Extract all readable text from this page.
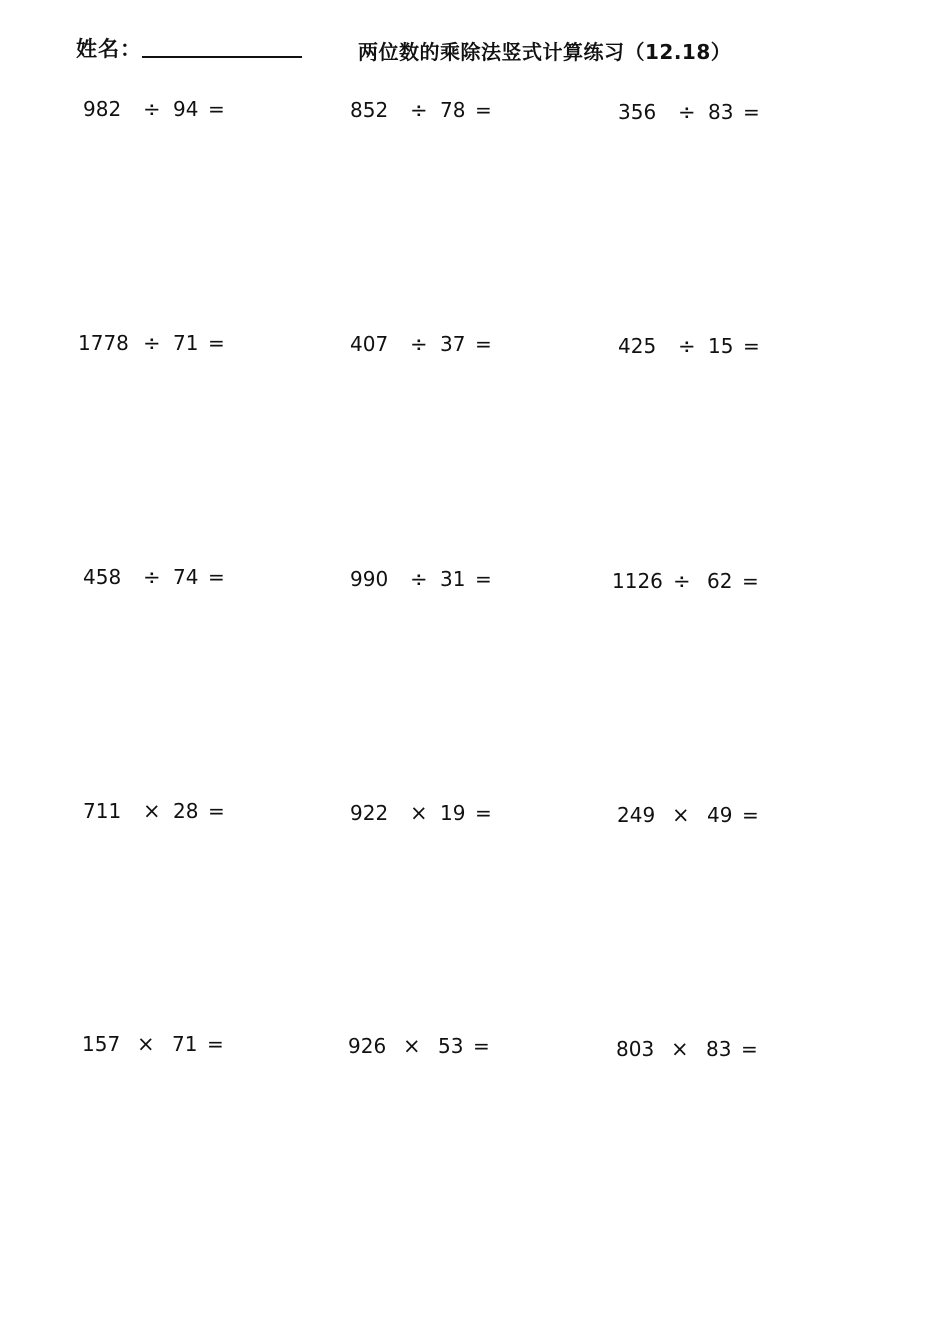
姓名：	两位数的乘除法竖式计算练习（12.18）
982 ÷ 94 =	852 ÷ 78 =	356 ÷ 83 =
1778 ÷ 71 =	407 ÷ 37 =	425 ÷ 15 =
458 ÷ 74 =	990 ÷ 31 =	1126 ÷ 62 =
711 × 28 =	922 × 19 =	249 × 49 =
157 × 71 =	926 × 53 =	803 × 83 =
